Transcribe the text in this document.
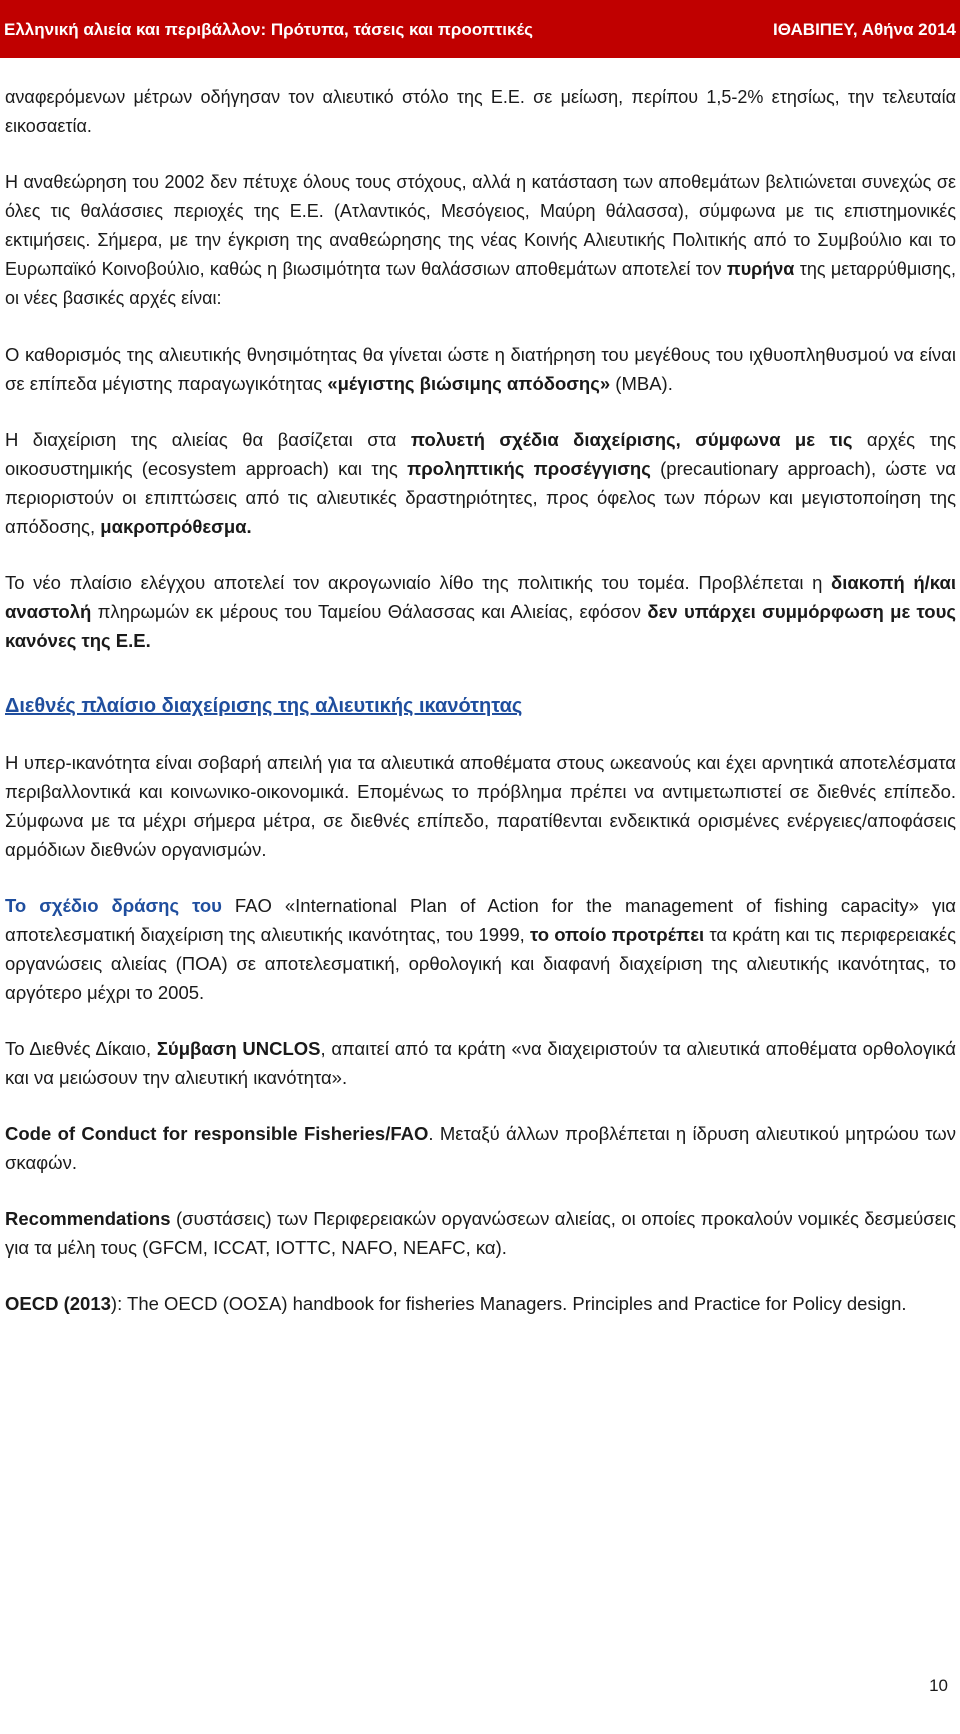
Ελληνική αλιεία και περιβάλλον: Πρότυπα, τάσεις και προοπτικές	ΙΘΑΒΙΠΕΥ, Αθήνα 2014

αναφερόμενων μέτρων οδήγησαν τον αλιευτικό στόλο της Ε.Ε. σε μείωση, περίπου 1,5-2% ετησίως, την τελευταία εικοσαετία.

Η αναθεώρηση του 2002 δεν πέτυχε όλους τους στόχους, αλλά η κατάσταση των αποθεμάτων βελτιώνεται συνεχώς σε όλες τις θαλάσσιες περιοχές της Ε.Ε. (Ατλαντικός, Μεσόγειος, Μαύρη θάλασσα), σύμφωνα με τις επιστημονικές εκτιμήσεις. Σήμερα, με την έγκριση της αναθεώρησης της νέας Κοινής Αλιευτικής Πολιτικής από το Συμβούλιο και το Ευρωπαϊκό Κοινοβούλιο, καθώς η βιωσιμότητα των θαλάσσιων αποθεμάτων αποτελεί τον πυρήνα της μεταρρύθμισης, οι νέες βασικές αρχές είναι:

Ο καθορισμός της αλιευτικής θνησιμότητας θα γίνεται ώστε η διατήρηση του μεγέθους του ιχθυοπληθυσμού να είναι σε επίπεδα μέγιστης παραγωγικότητας «μέγιστης βιώσιμης απόδοσης» (MBA).

Η διαχείριση της αλιείας θα βασίζεται στα πολυετή σχέδια διαχείρισης, σύμφωνα με τις αρχές της οικοσυστημικής (ecosystem approach) και της προληπτικής προσέγγισης (precautionary approach), ώστε να περιοριστούν οι επιπτώσεις από τις αλιευτικές δραστηριότητες, προς όφελος των πόρων και μεγιστοποίηση της απόδοσης, μακροπρόθεσμα.

Το νέο πλαίσιο ελέγχου αποτελεί τον ακρογωνιαίο λίθο της πολιτικής του τομέα. Προβλέπεται η διακοπή ή/και αναστολή πληρωμών εκ μέρους του Ταμείου Θάλασσας και Αλιείας, εφόσον δεν υπάρχει συμμόρφωση με τους κανόνες της Ε.Ε.

Διεθνές πλαίσιο διαχείρισης της αλιευτικής ικανότητας

Η υπερ-ικανότητα είναι σοβαρή απειλή για τα αλιευτικά αποθέματα στους ωκεανούς και έχει αρνητικά αποτελέσματα περιβαλλοντικά και κοινωνικο-οικονομικά. Επομένως το πρόβλημα πρέπει να αντιμετωπιστεί σε διεθνές επίπεδο. Σύμφωνα με τα μέχρι σήμερα μέτρα, σε διεθνές επίπεδο, παρατίθενται ενδεικτικά ορισμένες ενέργειες/αποφάσεις αρμόδιων διεθνών οργανισμών.

Το σχέδιο δράσης του FAO «International Plan of Action for the management of fishing capacity» για αποτελεσματική διαχείριση της αλιευτικής ικανότητας, του 1999, το οποίο προτρέπει τα κράτη και τις περιφερειακές οργανώσεις αλιείας (ΠΟΑ) σε αποτελεσματική, ορθολογική και διαφανή διαχείριση της αλιευτικής ικανότητας, το αργότερο μέχρι το 2005.

Το Διεθνές Δίκαιο, Σύμβαση UNCLOS, απαιτεί από τα κράτη «να διαχειριστούν τα αλιευτικά αποθέματα ορθολογικά και να μειώσουν την αλιευτική ικανότητα».

Code of Conduct for responsible Fisheries/FAO. Μεταξύ άλλων προβλέπεται η ίδρυση αλιευτικού μητρώου των σκαφών.

Recommendations (συστάσεις) των Περιφερειακών οργανώσεων αλιείας, οι οποίες προκαλούν νομικές δεσμεύσεις για τα μέλη τους (GFCM, ICCAT, IOTTC, NAFO, NEAFC, κα).

OECD (2013): The OECD (ΟΟΣΑ) handbook for fisheries Managers. Principles and Practice for Policy design.

10
